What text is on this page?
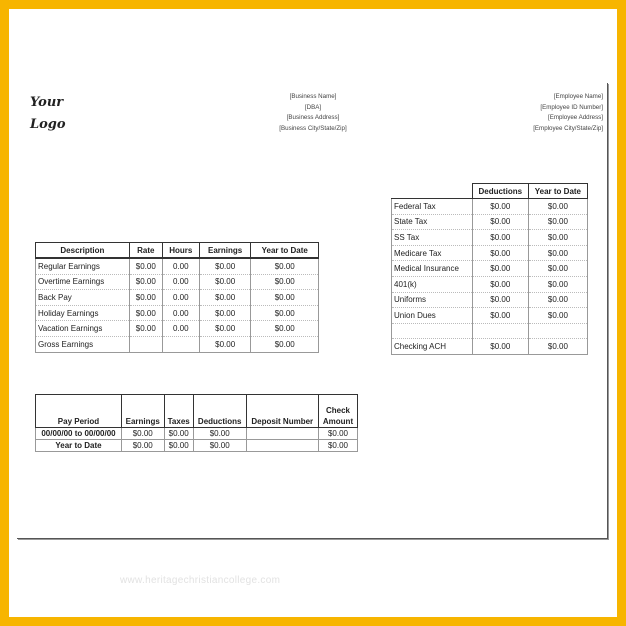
Your
Logo
[Business Name]
[DBA]
[Business Address]
[Business City/State/Zip]
[Employee Name]
[Employee ID Number]
[Employee Address]
[Employee City/State/Zip]
Description	Rate	Hours	Earnings	Year to Date
Regular Earnings	$0.00	0.00	$0.00	$0.00
Overtime Earnings	$0.00	0.00	$0.00	$0.00
Back Pay	$0.00	0.00	$0.00	$0.00
Holiday Earnings	$0.00	0.00	$0.00	$0.00
Vacation Earnings	$0.00	0.00	$0.00	$0.00
Gross Earnings			$0.00	$0.00
	Deductions	Year to Date
Federal Tax	$0.00	$0.00
State Tax	$0.00	$0.00
SS Tax	$0.00	$0.00
Medicare Tax	$0.00	$0.00
Medical Insurance	$0.00	$0.00
401(k)	$0.00	$0.00
Uniforms	$0.00	$0.00
Union Dues	$0.00	$0.00

Checking ACH	$0.00	$0.00
Pay Period	Earnings	Taxes	Deductions	Deposit Number	Check Amount
00/00/00 to 00/00/00	$0.00	$0.00	$0.00		$0.00
Year to Date	$0.00	$0.00	$0.00		$0.00
www.heritagechristiancollege.com
